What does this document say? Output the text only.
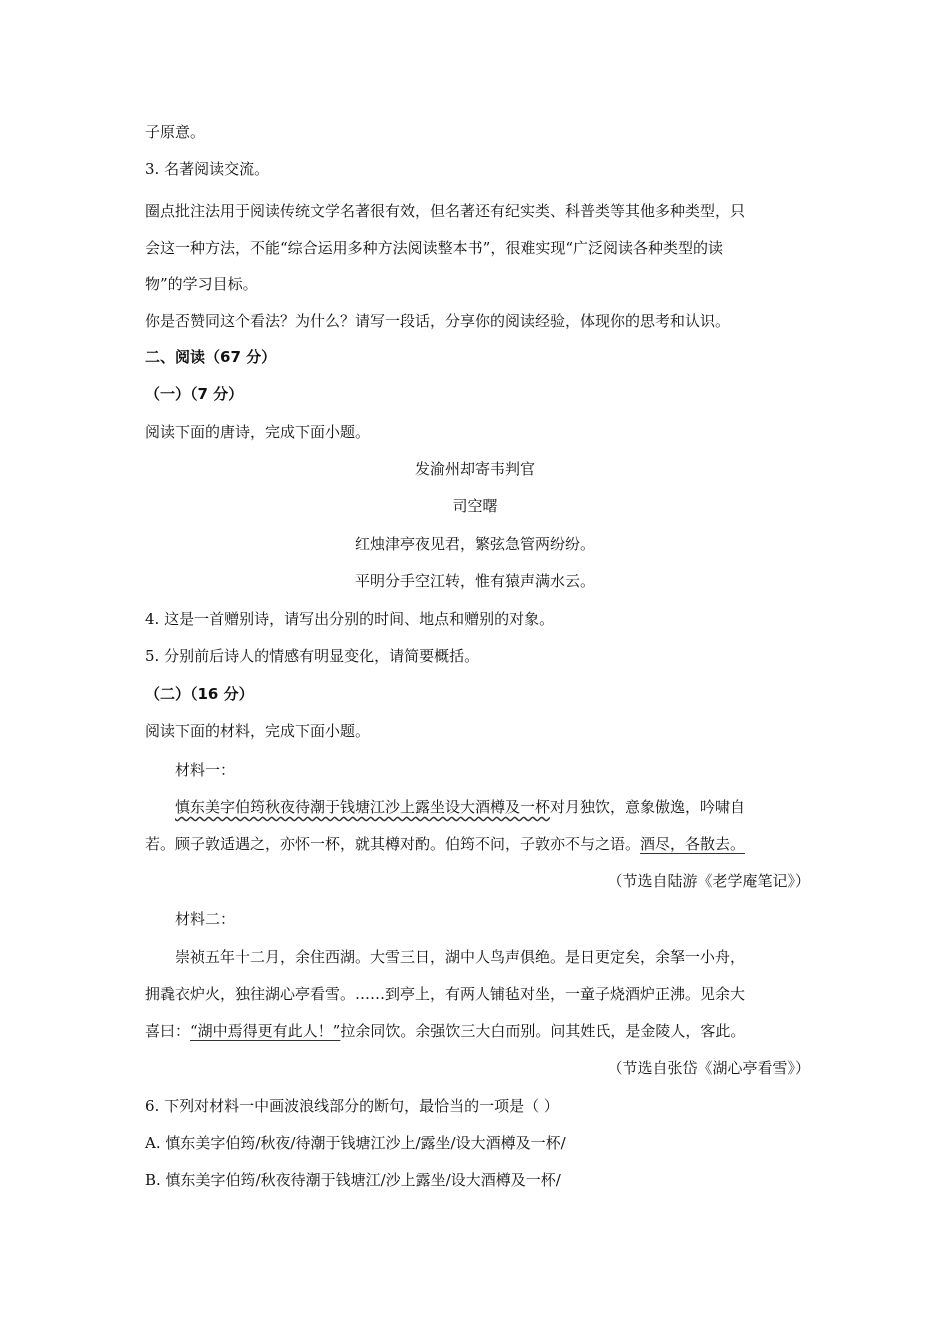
子原意。
3. 名著阅读交流。
圈点批注法用于阅读传统文学名著很有效，但名著还有纪实类、科普类等其他多种类型，只
会这一种方法，不能“综合运用多种方法阅读整本书”，很难实现“广泛阅读各种类型的读
物”的学习目标。
你是否赞同这个看法？为什么？请写一段话，分享你的阅读经验，体现你的思考和认识。
二、阅读（67 分）
（一）（7 分）
阅读下面的唐诗，完成下面小题。
发渝州却寄韦判官
司空曙
红烛津亭夜见君，繁弦急管两纷纷。
平明分手空江转，惟有猿声满水云。
4. 这是一首赠别诗，请写出分别的时间、地点和赠别的对象。
5. 分别前后诗人的情感有明显变化，请简要概括。
（二）（16 分）
阅读下面的材料，完成下面小题。
材料一：
慎东美字伯筠秋夜待潮于钱塘江沙上露坐设大酒樽及一杯对月独饮，意象傲逸，吟啸自
若。顾子敦适遇之，亦怀一杯，就其樽对酌。伯筠不问，子敦亦不与之语。酒尽，各散去。
（节选自陆游《老学庵笔记》）
材料二：
崇祯五年十二月，余住西湖。大雪三日，湖中人鸟声俱绝。是日更定矣，余拏一小舟，
拥毳衣炉火，独往湖心亭看雪。……到亭上，有两人铺毡对坐，一童子烧酒炉正沸。见余大
喜曰：“湖中焉得更有此人！”拉余同饮。余强饮三大白而别。问其姓氏，是金陵人，客此。
（节选自张岱《湖心亭看雪》）
6. 下列对材料一中画波浪线部分的断句，最恰当的一项是（ ）
A. 慎东美字伯筠/秋夜/待潮于钱塘江沙上/露坐/设大酒樽及一杯/
B. 慎东美字伯筠/秋夜待潮于钱塘江/沙上露坐/设大酒樽及一杯/
